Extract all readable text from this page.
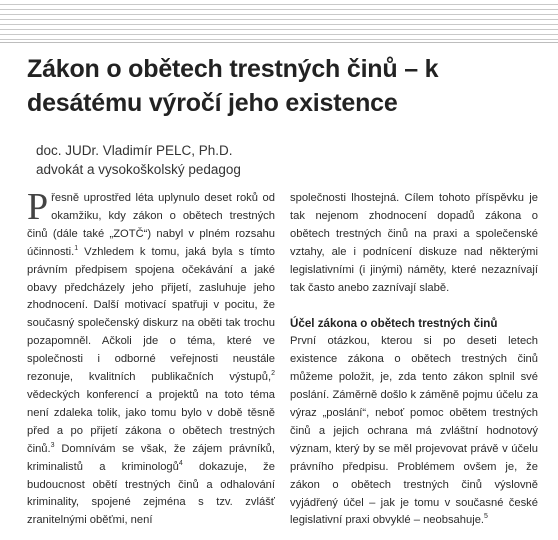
Zákon o obětech trestných činů – k desátému výročí jeho existence
doc. JUDr. Vladimír PELC, Ph.D.
advokát a vysokoškolský pedagog

Přesně uprostřed léta uplynulo deset roků od okamžiku, kdy zákon o obětech trestných činů (dále také „ZOTČ“) nabyl v plném rozsahu účinnosti.$^1$ Vzhledem k tomu, jaká byla s tímto právním předpisem spojena očekávání a jaké obavy předcházely jeho přijetí, zasluhuje jeho zhodnocení. Další motivací spatřuji v pocitu, že současný společenský diskurz na oběti tak trochu pozapomněl. Ačkoli jde o téma, které ve společnosti i odborné veřejnosti neustále rezonuje, kvalitních publikačních výstupů,$^2$ vědeckých konferencí a projektů na toto téma není zdaleka tolik, jako tomu bylo v době těsně před a po přijetí zákona o obětech trestných činů.$^3$ Domnívám se však, že zájem právníků, kriminalistů a kriminologů$^4$ dokazuje, že budoucnost obětí trestných činů a odhalování kriminality, spojené zejména s tzv. zvlášť zranitelnými oběťmi, není

společnosti lhostejná. Cílem tohoto příspěvku je tak nejenom zhodnocení dopadů zákona o obětech trestných činů na praxi a společenské vztahy, ale i podnícení diskuze nad některými legislativními (i jinými) náměty, které nezaznívají tak často anebo zaznívají slabě.

Účel zákona o obětech trestných činů

První otázkou, kterou si po deseti letech existence zákona o obětech trestných činů můžeme položit, je, zda tento zákon splnil své poslání. Záměrně došlo k záměně pojmu účelu za výraz „poslání“, neboť pomoc obětem trestných činů a jejich ochrana má zvláštní hodnotový význam, který by se měl projevovat právě v účelu právního předpisu. Problémem ovšem je, že zákon o obětech trestných činů výslovně vyjádřený účel – jak je tomu v současné české legislativní praxi obvyklé – neobsahuje.$^5$
